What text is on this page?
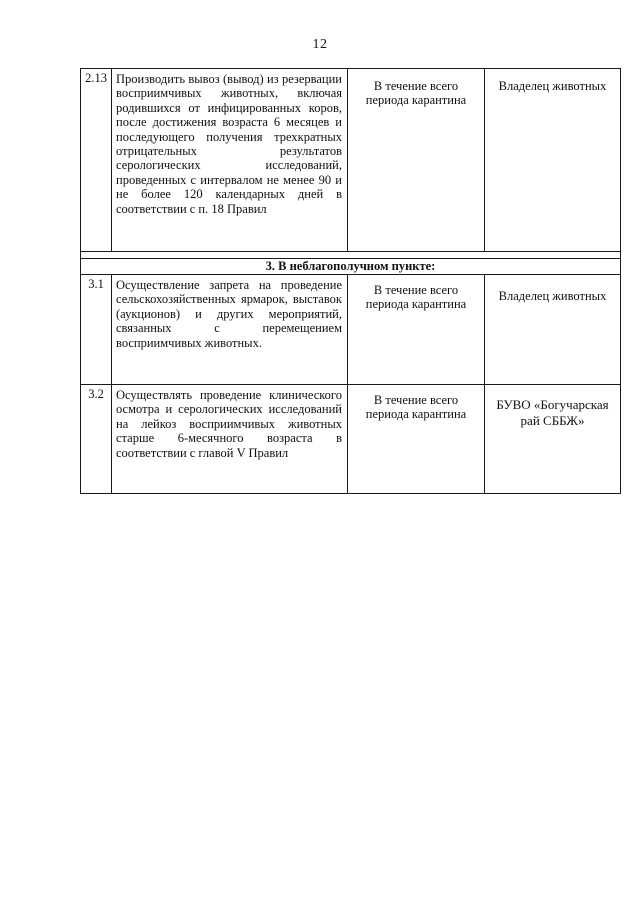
12
2.13	Производить вывоз (вывод) из резервации восприимчивых животных, включая родившихся от инфицированных коров, после достижения возраста 6 месяцев и последующего получения трехкратных отрицательных результатов серологических исследований, проведенных с интервалом не менее 90 и не более 120 календарных дней в соответствии с п. 18 Правил	В течение всего периода карантина	Владелец животных

3. В неблагополучном пункте:			
3.1	Осуществление запрета на проведение сельскохозяйственных ярмарок, выставок (аукционов) и других мероприятий, связанных с перемещением восприимчивых животных.	В течение всего периода карантина	Владелец животных
3.2	Осуществлять проведение клинического осмотра и серологических исследований на лейкоз восприимчивых животных старше 6-месячного возраста в соответствии с главой V Правил	В течение всего периода карантина	БУВО «Богучарская рай СББЖ»
